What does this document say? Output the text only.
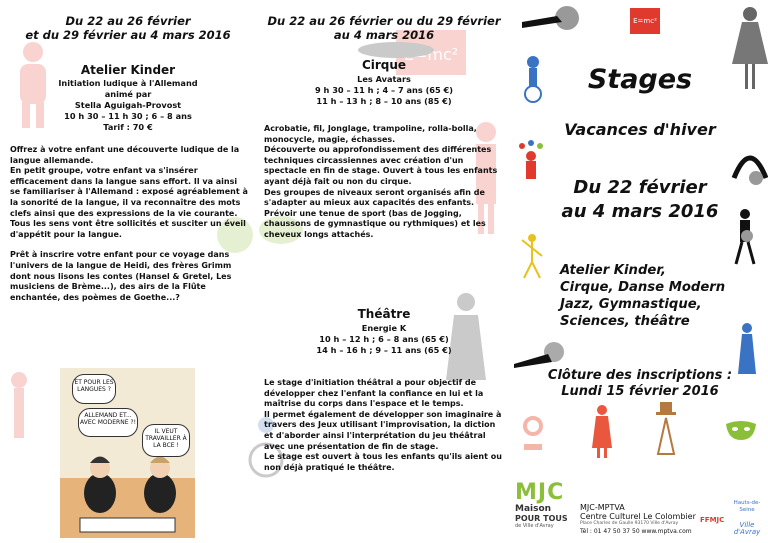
Du 22 au 26 février
et du 29 février au 4 mars 2016
Atelier Kinder
Initiation ludique à l'Allemand
animé par
Stella Aguigah-Provost
10 h 30 – 11 h 30 ; 6 – 8 ans
Tarif : 70 €

Offrez à votre enfant une découverte ludique de la langue allemande.

En petit groupe, votre enfant va s'insérer efficacement dans la langue sans effort. Il va ainsi se familiariser à l'Allemand : exposé agréablement à la sonorité de la langue, il va reconnaître des mots clefs ainsi que des expressions de la vie courante.

Tous les sens vont être sollicités et susciter un éveil d'appétit pour la langue.

Prêt à inscrire votre enfant pour ce voyage dans l'univers de la langue de Heidi, des frères Grimm dont nous lisons les contes (Hansel & Gretel, Les musiciens de Brème...), des airs de la Flûte enchantée, des poèmes de Goethe...?

ET POUR LES LANGUES ?
ALLEMAND ET... AVEC MODERNE ?!
IL VEUT TRAVAILLER À LA BCE !
E=mc²
Du 22 au 26 février ou du 29 février
au 4 mars 2016
Cirque
Les Avatars
9 h 30 – 11 h ; 4 – 7 ans (65 €)
11 h – 13 h ; 8 – 10 ans (85 €)

Acrobatie, fil, Jonglage, trampoline, rolla-bolla, monocycle, magie, échasses.

Découverte ou approfondissement des différentes techniques circassiennes avec création d'un spectacle en fin de stage. Ouvert à tous les enfants ayant déjà fait ou non du cirque.

Des groupes de niveaux seront organisés afin de s'adapter au mieux aux capacités des enfants.

Prévoir une tenue de sport (bas de Jogging, chaussons de gymnastique ou rythmiques) et les cheveux longs attachés.

Théâtre
Energie K
10 h – 12 h ; 6 – 8 ans (65 €)
14 h – 16 h ; 9 – 11 ans (65 €)

Le stage d'initiation théâtral a pour objectif de développer chez l'enfant la confiance en lui et la maîtrise du corps dans l'espace et le temps.

Il permet également de développer son imaginaire à travers des Jeux utilisant l'improvisation, la diction et d'aborder ainsi l'interprétation du jeu théâtral avec une présentation de fin de stage.

Le stage est ouvert à tous les enfants qu'ils aient ou non déjà pratiqué le théâtre.

E=mc²
Stages
Vacances d'hiver
Du 22 février
au 4 mars 2016
Atelier Kinder,
Cirque, Danse Modern
Jazz, Gymnastique,
Sciences, théâtre
Clôture des inscriptions :
Lundi 15 février 2016
MJC
Maison
POUR TOUS
de Ville d'Avray
MJC-MPTVA
Centre Culturel Le Colombier
Place Charles de Gaulle 93170 Ville d'Avray
Tél : 01 47 50 37 50 www.mptva.com
FFMJC
Hauts-de-Seine
Ville d'Avray
